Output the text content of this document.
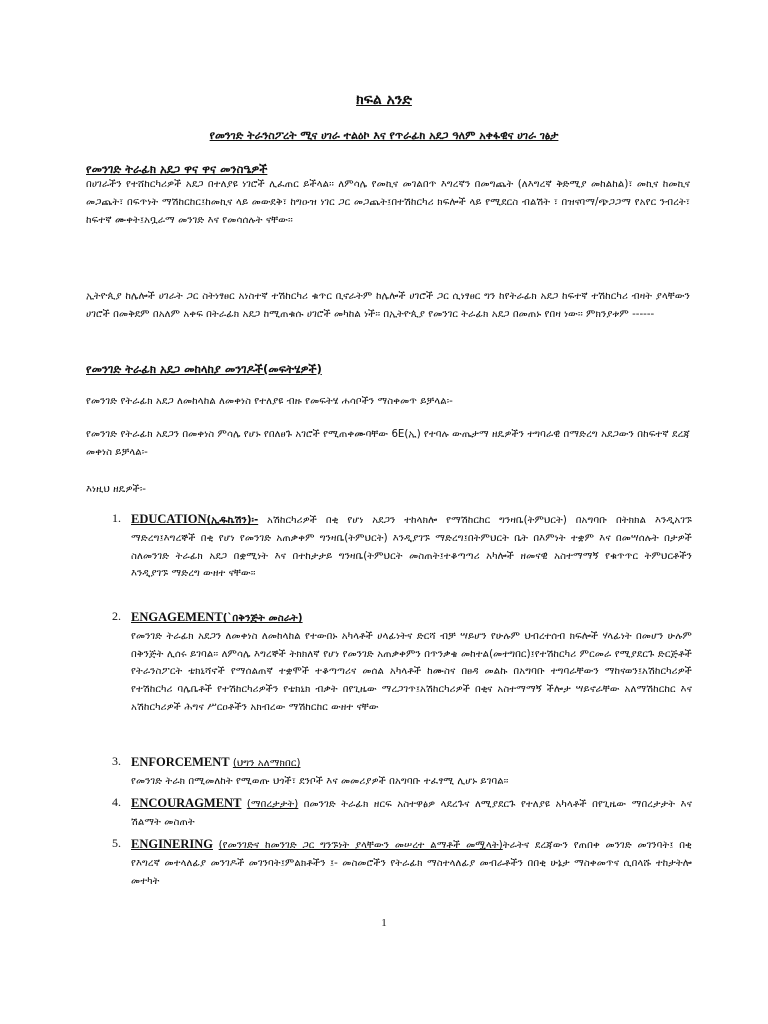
ክፍል አንድ
የመንገድ ትራንስፖረት ሚና ሀገራ ተልዕኮ እና የጥራፊክ አደጋ ዓለም አቀፋዊና ሀገራ ገፅታ
የመንገድ ትራፊክ አደጋ ዋና ዋና መንስዔዎች

በሀገራችን የተሸከርካሪዎች አደጋ በተለያዩ ነገሮች ሊፈጠር ይችላል፡፡ ለምሳሌ የመኪና መገልበጥ እግረኛን በመግጨት (ለእግረኛ ቅድሚያ መከልከል)፣ መኪና ከመኪና መጋጨት፣ በፍጥነት ማሽከርከር፤ከመኪና ላይ መውደቅ፣ ከግዑዝ ነገር ጋር መጋጨት፤በተሽከርካሪ ክፍሎች ላይ የሚደርስ ብልሽት ፣ በዝናባማ/ጭጋጋማ የአየር ንብረት፣ ከፍተኛ ሙቀት፤አቧራማ መንገድ እና የመሳሰሉት ናቸው፡፡

ኢትዮጲያ ከሌሎች ሀገራት ጋር ስትነፃፀር አነስተኛ ተሽከርካሪ ቁጥር ቢኖራትም ከሌሎች ሀገሮች ጋር ሲነፃፀር ግን ከየትራፊክ አደጋ ከፍተኛ ተሽከርካሪ ብዛት ያላቸውን ሀገሮች በመቅደም በአለም አቀፍ በትራፊክ አደጋ ከሚጠቁሱ ሀገሮች መካከል ነች፡፡ በኢትዮጲያ የመንገር ትራፊክ አደጋ በመጠኑ የበዛ ነው፡፡ ምክንያቱም ------

የመንገድ ትራፊክ አደጋ መከላከያ መንገዶች(መፍትሄዎች)

የመንገድ የትራፊክ አደጋ ለመከላከል ለመቀነስ የተለያዩ ብዙ የመፍትሄ ሐሳቦችን ማስቀመጥ ይቻላል፡-

የመንገድ የትራፊክ አደጋን በመቀነስ ምሳሌ የሆኑ የበለፀጉ አገሮች የሚጠቀሙባቸው 6E(ኢ) የተባሉ ውጤታማ ዘዴዎችን ተግባራዊ በማድረግ አደጋውን በከፍተኛ ደረጃ መቀነስ ይቻላል፡-

እነዚህ ዘዴዎች፡-

1. EDUCATION(ኢዱኬሽን)፡- አሽከርካሪዎች በቂ የሆነ አደጋን ተከላክሎ የማሽከርከር ግንዛቤ(ትምህርት) በአግባቡ በትክክል እንዲአገኙ ማድረግ፤እግረኞች በቂ የሆነ የመንገድ አጠቃቀም ግንዛቤ(ትምህርት) እንዲያገኙ ማድረግ፤በትምህርት ቤት በእምነት ተቋም እና በመሣሰሉት በታዎች ስለመንገድ ትራፊክ አደጋ በቋሚነት እና በተከታታይ ግንዛቤ(ትምህርት መስጠት፤ተቆጣጣሪ አካሎች ዘመናዊ አስተማማኝ የቁጥጥር ትምህርቶችን እንዲያገኙ ማድረግ ውዘተ ናቸው፡፡
2. ENGAGEMENT(`በቅንጅት መስራት)
የመንገድ ትራፊክ አደጋን ለመቀነስ ለመከላከል የተውበኑ አካላቶች ሀላፊነትና ድርሻ ብቻ ሣይሆን የሁሉም ህብረተሰብ ክፍሎች ሃላፊነት በመሆን ሁሉም በቅንጅት ሊሰሩ ይገባል፡፡ ለምሳሌ እግረኞች ትክክለኛ የሆነ የመንገድ አጠቃቀምን በጥንቃቄ መከተል(መተግበር)፤የተሽከርካሪ ምርመራ የሚያደርጉ ድርጅቶች የትራንስፖርት ቴክኒሻኖች የማሰልጠኛ ተቋሞች ተቆጣጣሪና መሰል አካላቶች ከሙስና በፀዳ መልኩ በአግባቡ ተግባራቸውን ማከናወን፤አሽከርካሪዎች የተሽከርካሪ ባሌቤቶች የተሽከርካሪዎችን የቴክኒክ ብቃት በየጊዜው ማረጋገጥ፤አሽከርካሪዎች በቂና አስተማማኝ ችሎታ ሣይኖራቸው አለማሽከርከር እና አሽከርካሪዎች ሕግና ሥርዐቶችን አክብረው ማሽከርከር ውዘተ ናቸው
3. ENFORCEMENT (ህግን አለማክበር)
የመንገድ ትራክ በሚመለከት የሚወጡ ህጎች፣ ደንቦች እና መመሪያዎች በአግባቡ ተፈፃሚ ሊሆኑ ይገባል፡፡
4. ENCOURAGMENT (ማበረታታት) በመንገድ ትራፊክ ዘርፍ አስተዋፅዎ ላደረጉና ለሚያደርጉ የተለያዩ አካላቶች በየጊዜው ማበረታታት እና ሽልማት መስጠት
5. ENGINERING (የመንገድና ከመንገድ ጋር ግንኙነት ያላቸውን መሠረተ ልማቶች መሟላት)ትራትና ደረጃውን የጠበቀ መንገድ መገንባት፤ በቂ የእግረኛ መተላለፊያ መንገዶች መገንባት፤ምልክቶችን ፤- መስመሮችን የትራፊክ ማስተላለፊያ መብራቶችን በበቂ ሁኔታ ማስቀመጥና ሲበላሹ ተከታትሎ መተካት
1
